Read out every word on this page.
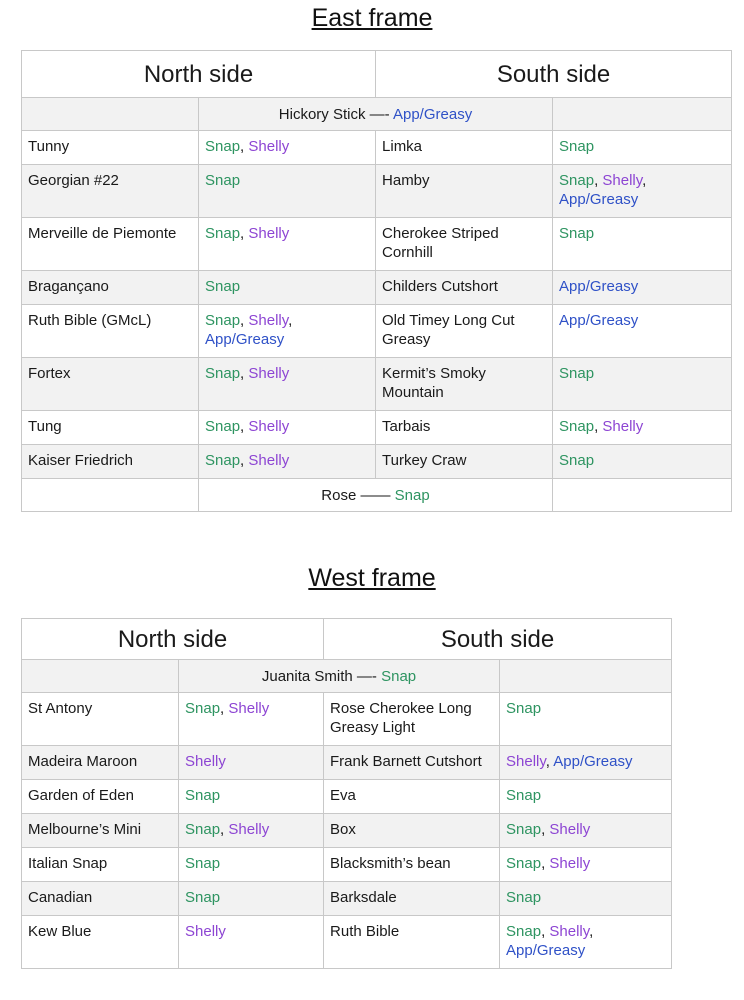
East frame
North side		South side	
	Hickory Stick —- App/Greasy		
Tunny	Snap, Shelly	Limka	Snap
Georgian #22	Snap	Hamby	Snap, Shelly, App/Greasy
Merveille de Piemonte	Snap, Shelly	Cherokee Striped Cornhill	Snap
Bragançano	Snap	Childers Cutshort	App/Greasy
Ruth Bible (GMcL)	Snap, Shelly, App/Greasy	Old Timey Long Cut Greasy	App/Greasy
Fortex	Snap, Shelly	Kermit’s Smoky Mountain	Snap
Tung	Snap, Shelly	Tarbais	Snap, Shelly
Kaiser Friedrich	Snap, Shelly	Turkey Craw	Snap
	Rose —— Snap		
West frame
North side		South side	
	Juanita Smith —- Snap		
St Antony	Snap, Shelly	Rose Cherokee Long Greasy Light	Snap
Madeira Maroon	Shelly	Frank Barnett Cutshort	Shelly, App/Greasy
Garden of Eden	Snap	Eva	Snap
Melbourne’s Mini	Snap, Shelly	Box	Snap, Shelly
Italian Snap	Snap	Blacksmith’s bean	Snap, Shelly
Canadian	Snap	Barksdale	Snap
Kew Blue	Shelly	Ruth Bible	Snap, Shelly, App/Greasy
